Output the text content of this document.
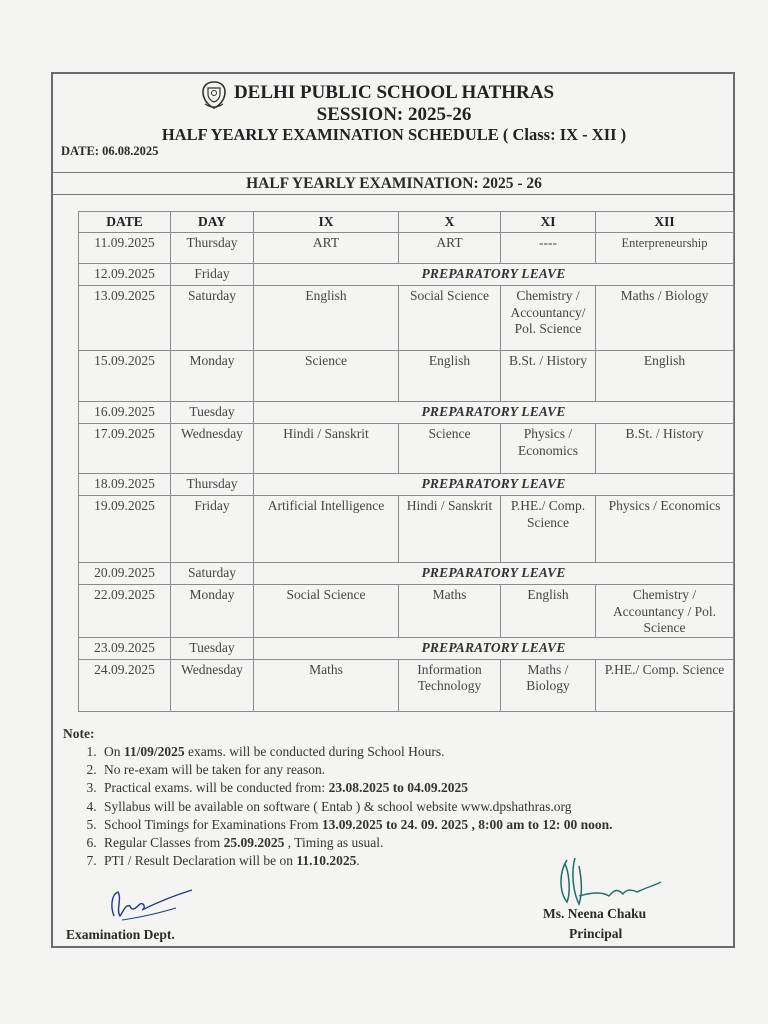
DELHI PUBLIC SCHOOL HATHRAS
SESSION: 2025-26
HALF YEARLY EXAMINATION SCHEDULE ( Class: IX - XII )
DATE: 06.08.2025
HALF YEARLY EXAMINATION: 2025 - 26
DATE	DAY	IX	X	XI	XII
11.09.2025	Thursday	ART	ART	----	Enterpreneurship
12.09.2025	Friday	PREPARATORY LEAVE			
13.09.2025	Saturday	English	Social Science	Chemistry / Accountancy/ Pol. Science	Maths / Biology
15.09.2025	Monday	Science	English	B.St. / History	English
16.09.2025	Tuesday	PREPARATORY LEAVE			
17.09.2025	Wednesday	Hindi / Sanskrit	Science	Physics / Economics	B.St. / History
18.09.2025	Thursday	PREPARATORY LEAVE			
19.09.2025	Friday	Artificial Intelligence	Hindi / Sanskrit	P.HE./ Comp. Science	Physics / Economics
20.09.2025	Saturday	PREPARATORY LEAVE			
22.09.2025	Monday	Social Science	Maths	English	Chemistry / Accountancy / Pol. Science
23.09.2025	Tuesday	PREPARATORY LEAVE			
24.09.2025	Wednesday	Maths	Information Technology	Maths / Biology	P.HE./ Comp. Science
Note:
1. On 11/09/2025 exams. will be conducted during School Hours.
2. No re-exam will be taken for any reason.
3. Practical exams. will be conducted from: 23.08.2025 to 04.09.2025
4. Syllabus will be available on software ( Entab ) & school website www.dpshathras.org
5. School Timings for Examinations From 13.09.2025 to 24. 09. 2025 , 8:00 am to 12: 00 noon.
6. Regular Classes from 25.09.2025 , Timing as usual.
7. PTI / Result Declaration will be on 11.10.2025.
Examination Dept.
Ms. Neena Chaku
Principal
